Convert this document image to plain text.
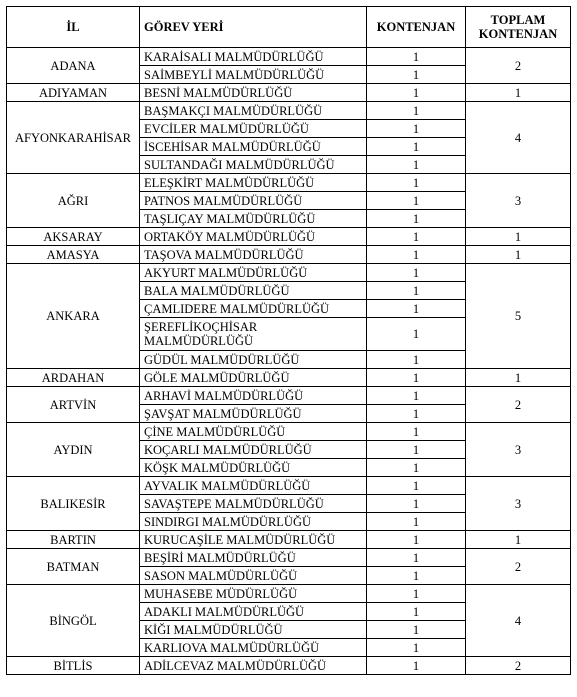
İL	GÖREV YERİ	KONTENJAN	TOPLAM KONTENJAN
ADANA	KARAİSALI MALMÜDÜRLÜĞÜ	1	2
	SAİMBEYLİ MALMÜDÜRLÜĞÜ	1	
ADIYAMAN	BESNİ MALMÜDÜRLÜĞÜ	1	1
AFYONKARAHİSAR	BAŞMAKÇI MALMÜDÜRLÜĞÜ	1	4
	EVCİLER MALMÜDÜRLÜĞÜ	1	
	İSCEHİSAR MALMÜDÜRLÜĞÜ	1	
	SULTANDAĞI MALMÜDÜRLÜĞÜ	1	
AĞRI	ELEŞKİRT MALMÜDÜRLÜĞÜ	1	3
	PATNOS MALMÜDÜRLÜĞÜ	1	
	TAŞLIÇAY MALMÜDÜRLÜĞÜ	1	
AKSARAY	ORTAKÖY MALMÜDÜRLÜĞÜ	1	1
AMASYA	TAŞOVA MALMÜDÜRLÜĞÜ	1	1
ANKARA	AKYURT MALMÜDÜRLÜĞÜ	1	5
	BALA MALMÜDÜRLÜĞÜ	1	
	ÇAMLIDERE MALMÜDÜRLÜĞÜ	1	
	ŞEREFLİKOÇHİSAR MALMÜDÜRLÜĞÜ	1	
	GÜDÜL MALMÜDÜRLÜĞÜ	1	
ARDAHAN	GÖLE MALMÜDÜRLÜĞÜ	1	1
ARTVİN	ARHAVİ MALMÜDÜRLÜĞÜ	1	2
	ŞAVŞAT MALMÜDÜRLÜĞÜ	1	
AYDIN	ÇİNE MALMÜDÜRLÜĞÜ	1	3
	KOÇARLI MALMÜDÜRLÜĞÜ	1	
	KÖŞK MALMÜDÜRLÜĞÜ	1	
BALIKESİR	AYVALIK MALMÜDÜRLÜĞÜ	1	3
	SAVAŞTEPE MALMÜDÜRLÜĞÜ	1	
	SINDIRGI MALMÜDÜRLÜĞÜ	1	
BARTIN	KURUCAŞİLE MALMÜDÜRLÜĞÜ	1	1
BATMAN	BEŞİRİ MALMÜDÜRLÜĞÜ	1	2
	SASON MALMÜDÜRLÜĞÜ	1	
BİNGÖL	MUHASEBE MÜDÜRLÜĞÜ	1	4
	ADAKLI MALMÜDÜRLÜĞÜ	1	
	KİĞI MALMÜDÜRLÜĞÜ	1	
	KARLIOVA MALMÜDÜRLÜĞÜ	1	
BİTLİS	ADİLCEVAZ MALMÜDÜRLÜĞÜ	1	2
